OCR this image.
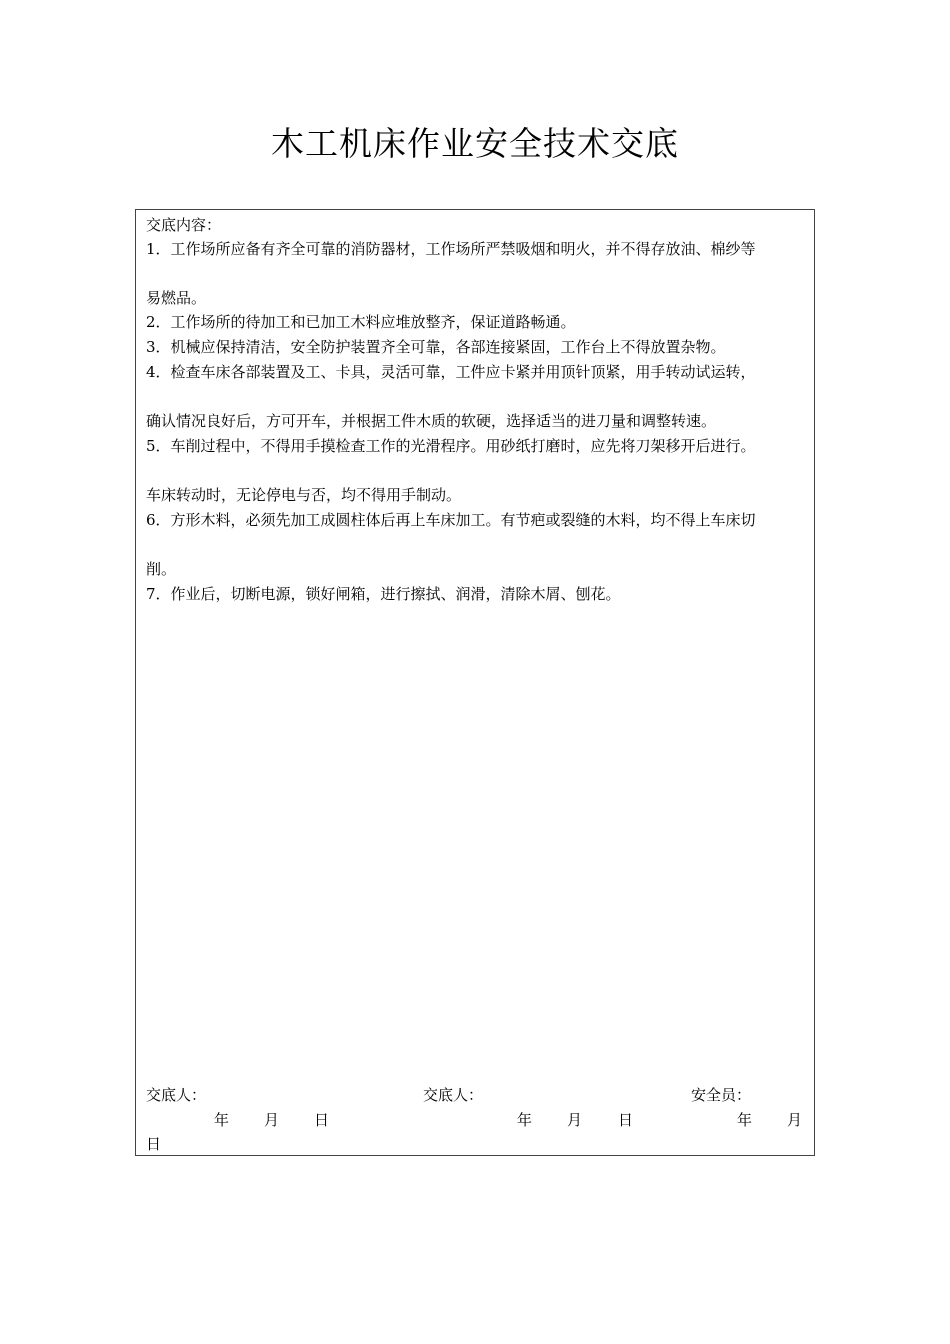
木工机床作业安全技术交底
交底内容：
1．工作场所应备有齐全可靠的消防器材，工作场所严禁吸烟和明火，并不得存放油、棉纱等
易燃品。
2．工作场所的待加工和已加工木料应堆放整齐，保证道路畅通。
3．机械应保持清洁，安全防护装置齐全可靠，各部连接紧固，工作台上不得放置杂物。
4．检查车床各部装置及工、卡具，灵活可靠，工件应卡紧并用顶针顶紧，用手转动试运转，
确认情况良好后，方可开车，并根据工件木质的软硬，选择适当的进刀量和调整转速。
5．车削过程中，不得用手摸检查工作的光滑程序。用砂纸打磨时，应先将刀架移开后进行。
车床转动时，无论停电与否，均不得用手制动。
6．方形木料，必须先加工成圆柱体后再上车床加工。有节疤或裂缝的木料，均不得上车床切
削。
7．作业后，切断电源，锁好闸箱，进行擦拭、润滑，清除木屑、刨花。
交底人：	交底人：	安全员：
年 月 日	年 月 日	年 月
日
